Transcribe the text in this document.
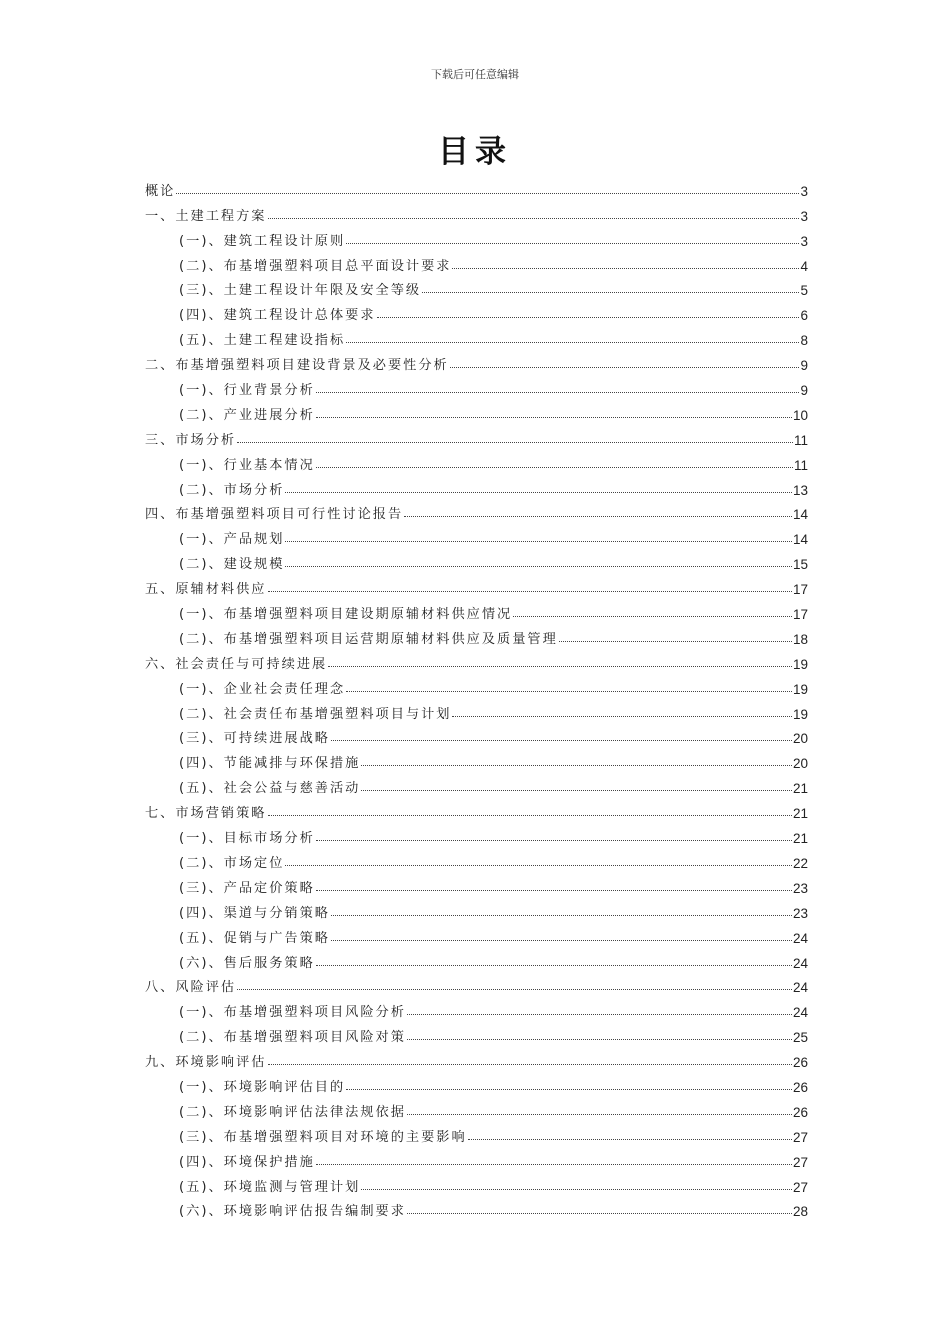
下载后可任意编辑
目录
概论	3
一、土建工程方案	3
(一)、建筑工程设计原则	3
(二)、布基增强塑料项目总平面设计要求	4
(三)、土建工程设计年限及安全等级	5
(四)、建筑工程设计总体要求	6
(五)、土建工程建设指标	8
二、布基增强塑料项目建设背景及必要性分析	9
(一)、行业背景分析	9
(二)、产业进展分析	10
三、市场分析	11
(一)、行业基本情况	11
(二)、市场分析	13
四、布基增强塑料项目可行性讨论报告	14
(一)、产品规划	14
(二)、建设规模	15
五、原辅材料供应	17
(一)、布基增强塑料项目建设期原辅材料供应情况	17
(二)、布基增强塑料项目运营期原辅材料供应及质量管理	18
六、社会责任与可持续进展	19
(一)、企业社会责任理念	19
(二)、社会责任布基增强塑料项目与计划	19
(三)、可持续进展战略	20
(四)、节能减排与环保措施	20
(五)、社会公益与慈善活动	21
七、市场营销策略	21
(一)、目标市场分析	21
(二)、市场定位	22
(三)、产品定价策略	23
(四)、渠道与分销策略	23
(五)、促销与广告策略	24
(六)、售后服务策略	24
八、风险评估	24
(一)、布基增强塑料项目风险分析	24
(二)、布基增强塑料项目风险对策	25
九、环境影响评估	26
(一)、环境影响评估目的	26
(二)、环境影响评估法律法规依据	26
(三)、布基增强塑料项目对环境的主要影响	27
(四)、环境保护措施	27
(五)、环境监测与管理计划	27
(六)、环境影响评估报告编制要求	28
